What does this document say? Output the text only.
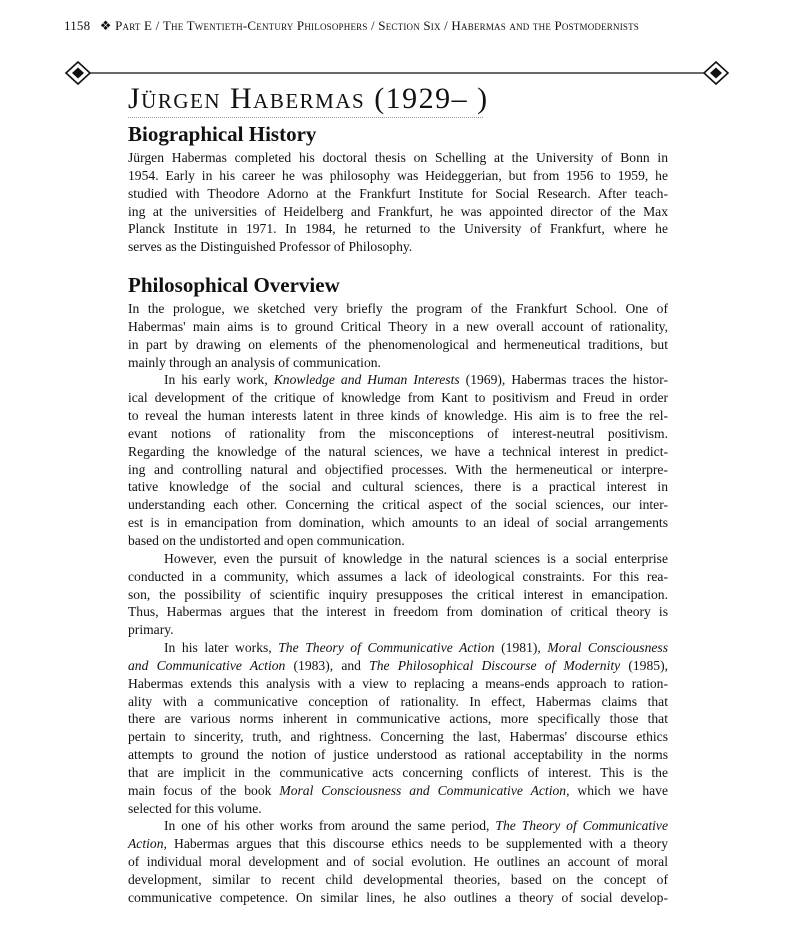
1158 ❖ Part E / The Twentieth-Century Philosophers / Section Six / Habermas and the Postmodernists
Jürgen Habermas (1929– )
Biographical History
Jürgen Habermas completed his doctoral thesis on Schelling at the University of Bonn in
1954. Early in his career he was philosophy was Heideggerian, but from 1956 to 1959, he
studied with Theodore Adorno at the Frankfurt Institute for Social Research. After teach-
ing at the universities of Heidelberg and Frankfurt, he was appointed director of the Max
Planck Institute in 1971. In 1984, he returned to the University of Frankfurt, where he
serves as the Distinguished Professor of Philosophy.
Philosophical Overview
In the prologue, we sketched very briefly the program of the Frankfurt School. One of
Habermas' main aims is to ground Critical Theory in a new overall account of rationality,
in part by drawing on elements of the phenomenological and hermeneutical traditions, but
mainly through an analysis of communication.
In his early work, Knowledge and Human Interests (1969), Habermas traces the histor-
ical development of the critique of knowledge from Kant to positivism and Freud in order
to reveal the human interests latent in three kinds of knowledge. His aim is to free the rel-
evant notions of rationality from the misconceptions of interest-neutral positivism.
Regarding the knowledge of the natural sciences, we have a technical interest in predict-
ing and controlling natural and objectified processes. With the hermeneutical or interpre-
tative knowledge of the social and cultural sciences, there is a practical interest in
understanding each other. Concerning the critical aspect of the social sciences, our inter-
est is in emancipation from domination, which amounts to an ideal of social arrangements
based on the undistorted and open communication.
However, even the pursuit of knowledge in the natural sciences is a social enterprise
conducted in a community, which assumes a lack of ideological constraints. For this rea-
son, the possibility of scientific inquiry presupposes the critical interest in emancipation.
Thus, Habermas argues that the interest in freedom from domination of critical theory is
primary.
In his later works, The Theory of Communicative Action (1981), Moral Consciousness
and Communicative Action (1983), and The Philosophical Discourse of Modernity (1985),
Habermas extends this analysis with a view to replacing a means-ends approach to ration-
ality with a communicative conception of rationality. In effect, Habermas claims that
there are various norms inherent in communicative actions, more specifically those that
pertain to sincerity, truth, and rightness. Concerning the last, Habermas' discourse ethics
attempts to ground the notion of justice understood as rational acceptability in the norms
that are implicit in the communicative acts concerning conflicts of interest. This is the
main focus of the book Moral Consciousness and Communicative Action, which we have
selected for this volume.
In one of his other works from around the same period, The Theory of Communicative
Action, Habermas argues that this discourse ethics needs to be supplemented with a theory
of individual moral development and of social evolution. He outlines an account of moral
development, similar to recent child developmental theories, based on the concept of
communicative competence. On similar lines, he also outlines a theory of social develop-
